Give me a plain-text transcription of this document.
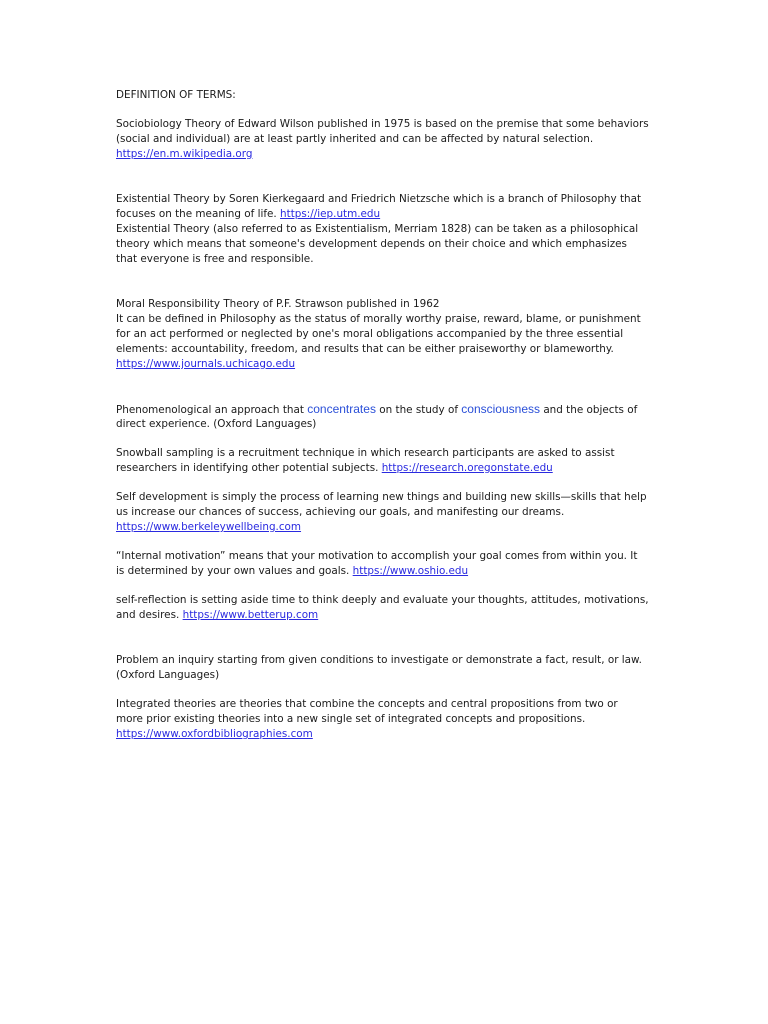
DEFINITION OF TERMS:
Sociobiology Theory of Edward Wilson published in 1975 is based on the premise that some behaviors
(social and individual) are at least partly inherited and can be affected by natural selection.
https://en.m.wikipedia.org
Existential Theory by Soren Kierkegaard and Friedrich Nietzsche which is a branch of Philosophy that
focuses on the meaning of life. https://iep.utm.edu
Existential Theory (also referred to as Existentialism, Merriam 1828) can be taken as a philosophical
theory which means that someone's development depends on their choice and which emphasizes
that everyone is free and responsible.
Moral Responsibility Theory of P.F. Strawson published in 1962
It can be defined in Philosophy as the status of morally worthy praise, reward, blame, or punishment
for an act performed or neglected by one's moral obligations accompanied by the three essential
elements: accountability, freedom, and results that can be either praiseworthy or blameworthy.
https://www.journals.uchicago.edu
Phenomenological an approach that concentrates on the study of consciousness and the objects of
direct experience. (Oxford Languages)
Snowball sampling is a recruitment technique in which research participants are asked to assist
researchers in identifying other potential subjects. https://research.oregonstate.edu
Self development is simply the process of learning new things and building new skills—skills that help
us increase our chances of success, achieving our goals, and manifesting our dreams.
https://www.berkeleywellbeing.com
“Internal motivation” means that your motivation to accomplish your goal comes from within you. It
is determined by your own values and goals. https://www.oshio.edu
self-reflection is setting aside time to think deeply and evaluate your thoughts, attitudes, motivations,
and desires. https://www.betterup.com
Problem an inquiry starting from given conditions to investigate or demonstrate a fact, result, or law.
(Oxford Languages)
Integrated theories are theories that combine the concepts and central propositions from two or
more prior existing theories into a new single set of integrated concepts and propositions.
https://www.oxfordbibliographies.com
